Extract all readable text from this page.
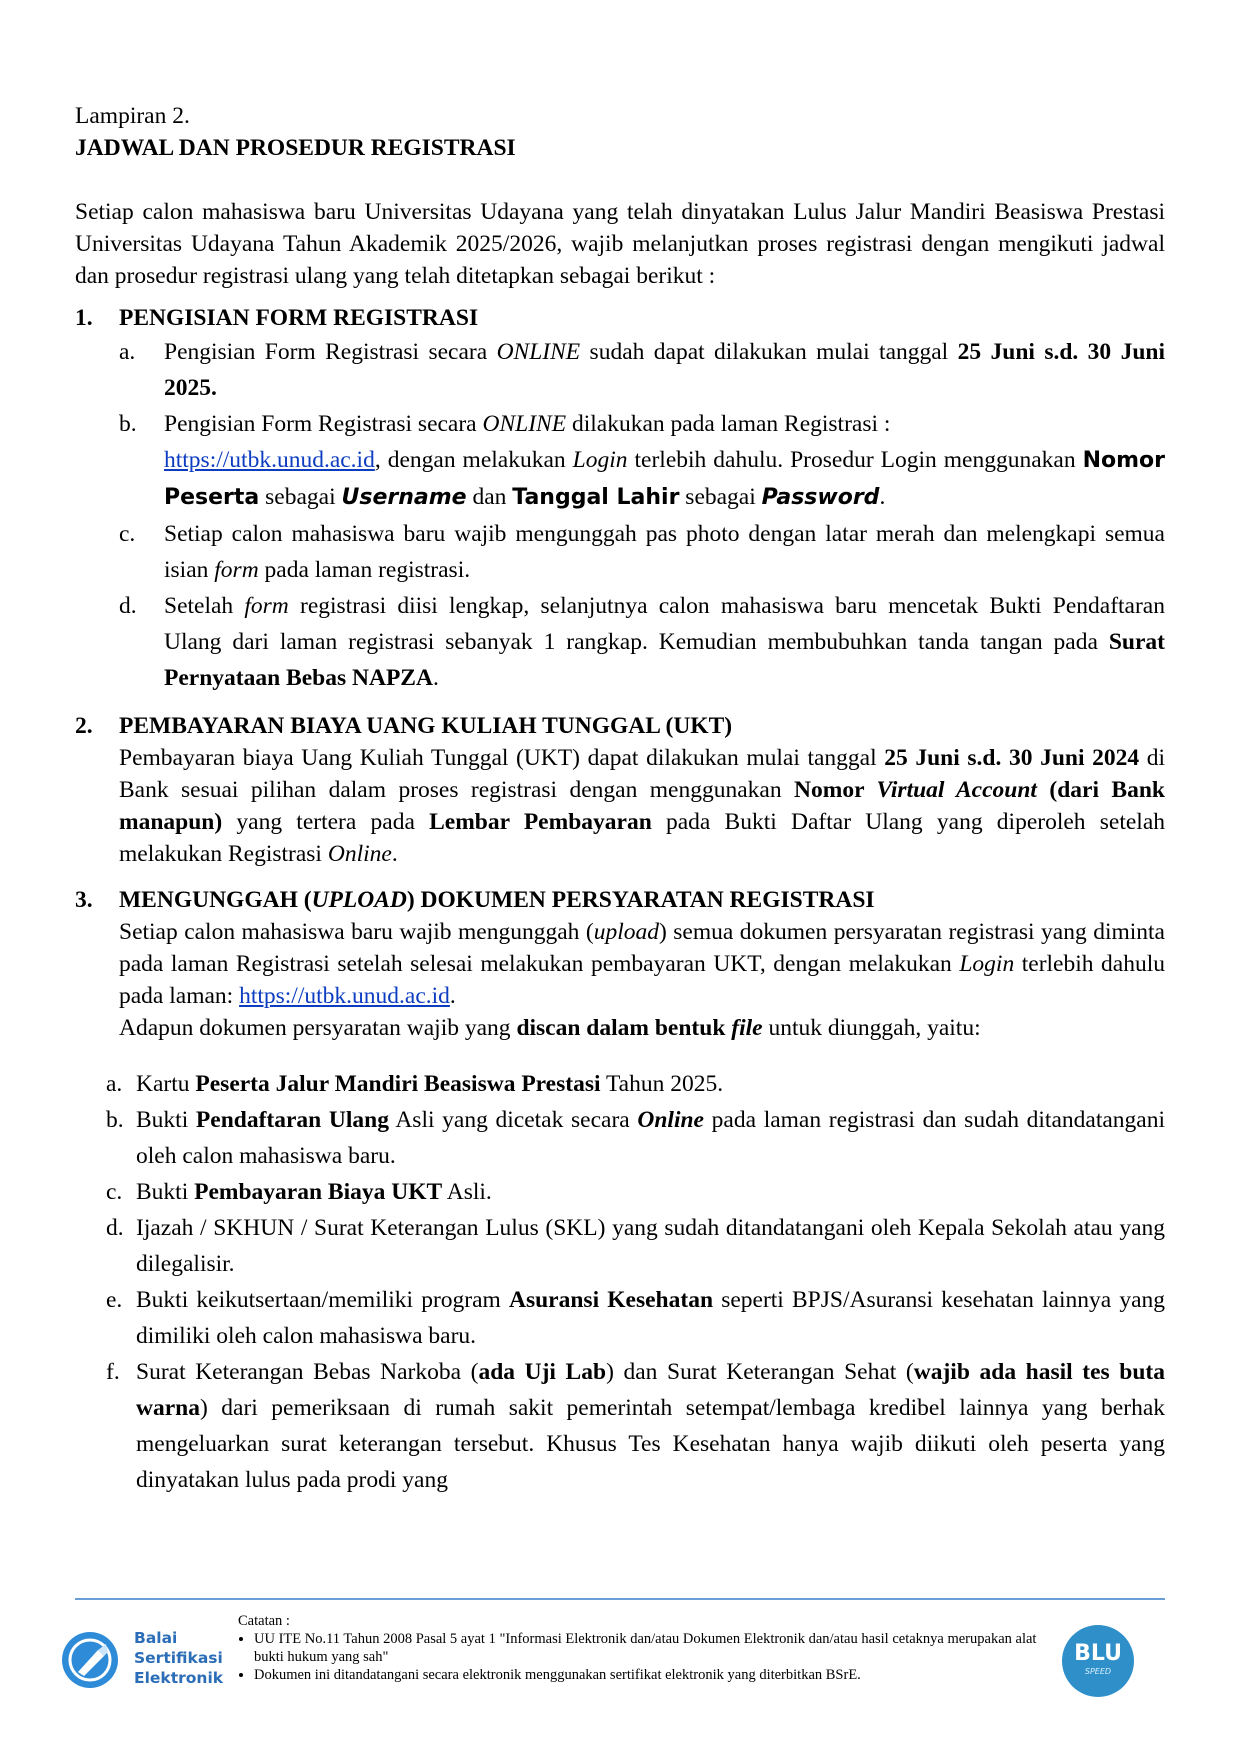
Lampiran 2.

JADWAL DAN PROSEDUR REGISTRASI

Setiap calon mahasiswa baru Universitas Udayana yang telah dinyatakan Lulus Jalur Mandiri Beasiswa Prestasi Universitas Udayana Tahun Akademik 2025/2026, wajib melanjutkan proses registrasi dengan mengikuti jadwal dan prosedur registrasi ulang yang telah ditetapkan sebagai berikut :

1. PENGISIAN FORM REGISTRASI
a. Pengisian Form Registrasi secara ONLINE sudah dapat dilakukan mulai tanggal 25 Juni s.d. 30 Juni 2025.
b. Pengisian Form Registrasi secara ONLINE dilakukan pada laman Registrasi :
https://utbk.unud.ac.id, dengan melakukan Login terlebih dahulu. Prosedur Login menggunakan Nomor Peserta sebagai Username dan Tanggal Lahir sebagai Password.
c. Setiap calon mahasiswa baru wajib mengunggah pas photo dengan latar merah dan melengkapi semua isian form pada laman registrasi.
d. Setelah form registrasi diisi lengkap, selanjutnya calon mahasiswa baru mencetak Bukti Pendaftaran Ulang dari laman registrasi sebanyak 1 rangkap. Kemudian membubuhkan tanda tangan pada Surat Pernyataan Bebas NAPZA.
2. PEMBAYARAN BIAYA UANG KULIAH TUNGGAL (UKT)

Pembayaran biaya Uang Kuliah Tunggal (UKT) dapat dilakukan mulai tanggal 25 Juni s.d. 30 Juni 2024 di Bank sesuai pilihan dalam proses registrasi dengan menggunakan Nomor Virtual Account (dari Bank manapun) yang tertera pada Lembar Pembayaran pada Bukti Daftar Ulang yang diperoleh setelah melakukan Registrasi Online.

3. MENGUNGGAH (UPLOAD) DOKUMEN PERSYARATAN REGISTRASI

Setiap calon mahasiswa baru wajib mengunggah (upload) semua dokumen persyaratan registrasi yang diminta pada laman Registrasi setelah selesai melakukan pembayaran UKT, dengan melakukan Login terlebih dahulu pada laman: https://utbk.unud.ac.id.

Adapun dokumen persyaratan wajib yang discan dalam bentuk file untuk diunggah, yaitu:

a. Kartu Peserta Jalur Mandiri Beasiswa Prestasi Tahun 2025.
b. Bukti Pendaftaran Ulang Asli yang dicetak secara Online pada laman registrasi dan sudah ditandatangani oleh calon mahasiswa baru.
c. Bukti Pembayaran Biaya UKT Asli.
d. Ijazah / SKHUN / Surat Keterangan Lulus (SKL) yang sudah ditandatangani oleh Kepala Sekolah atau yang dilegalisir.
e. Bukti keikutsertaan/memiliki program Asuransi Kesehatan seperti BPJS/Asuransi kesehatan lainnya yang dimiliki oleh calon mahasiswa baru.
f. Surat Keterangan Bebas Narkoba (ada Uji Lab) dan Surat Keterangan Sehat (wajib ada hasil tes buta warna) dari pemeriksaan di rumah sakit pemerintah setempat/lembaga kredibel lainnya yang berhak mengeluarkan surat keterangan tersebut. Khusus Tes Kesehatan hanya wajib diikuti oleh peserta yang dinyatakan lulus pada prodi yang
Balai
Sertifikasi
Elektronik
Catatan :
• UU ITE No.11 Tahun 2008 Pasal 5 ayat 1 "Informasi Elektronik dan/atau Dokumen Elektronik dan/atau hasil cetaknya merupakan alat bukti hukum yang sah"
• Dokumen ini ditandatangani secara elektronik menggunakan sertifikat elektronik yang diterbitkan BSrE.
BLU
SPEED
